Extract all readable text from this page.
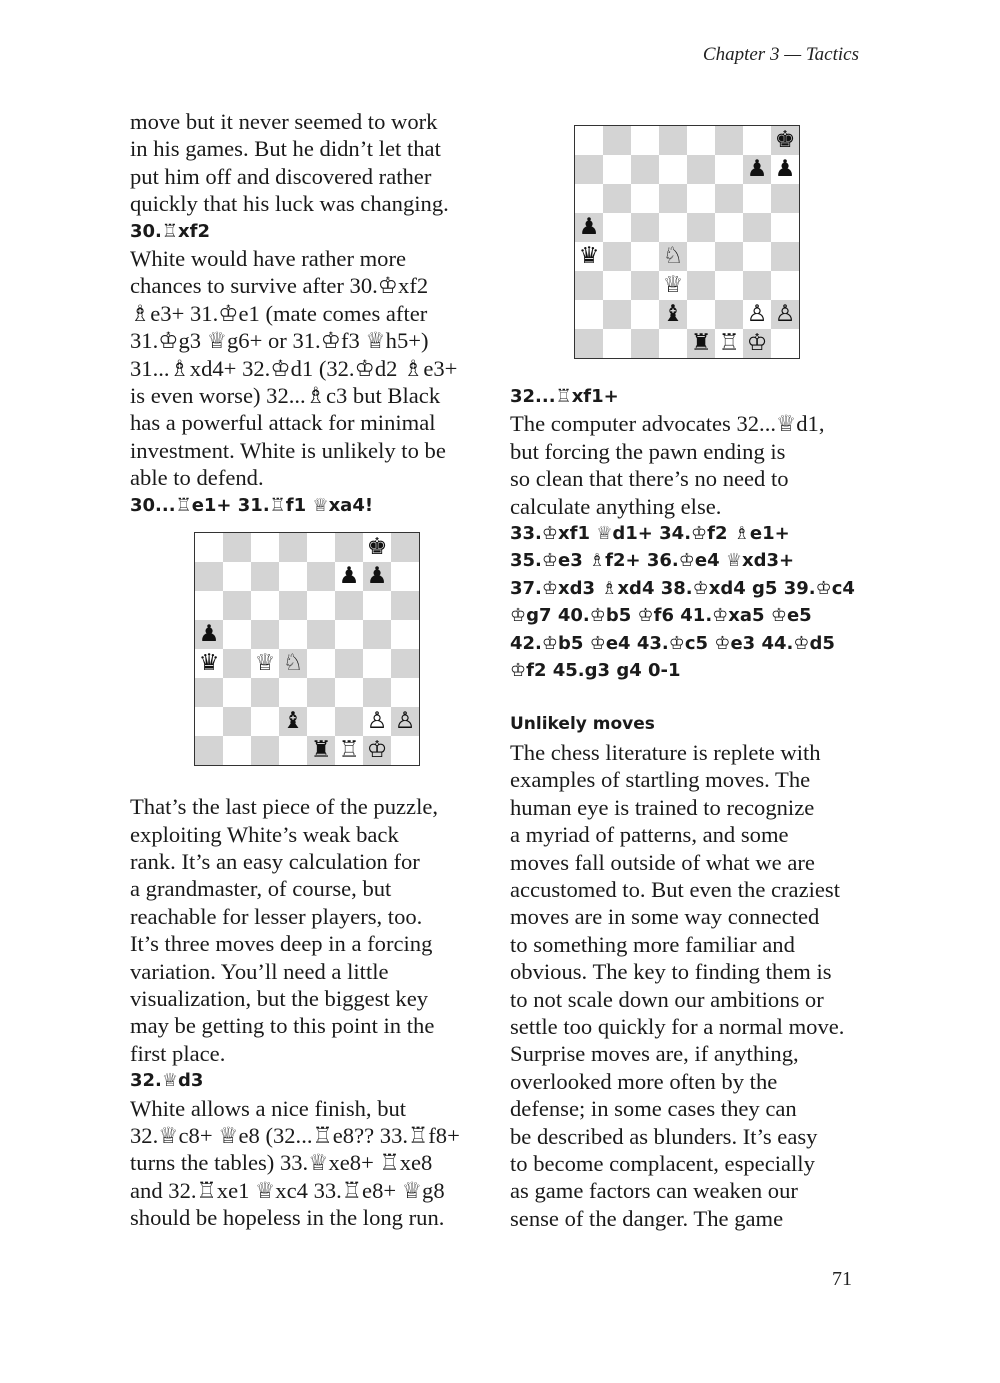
Chapter 3 — Tactics

move but it never seemed to work

in his games. But he didn’t let that

put him off and discovered rather

quickly that his luck was changing.

30.♖xf2

White would have rather more

chances to survive after 30.♔xf2

♗e3+ 31.♔e1 (mate comes after

31.♔g3 ♕g6+ or 31.♔f3 ♕h5+)

31...♗xd4+ 32.♔d1 (32.♔d2 ♗e3+

is even worse) 32...♗c3 but Black

has a powerful attack for minimal

investment. White is unlikely to be

able to defend.

30...♖e1+ 31.♖f1 ♕xa4!

♚
♟ ♟
♟
♛ ♕ ♘
♝	♙ ♙
♜ ♖ ♔

That’s the last piece of the puzzle,

exploiting White’s weak back

rank. It’s an easy calculation for

a grandmaster, of course, but

reachable for lesser players, too.

It’s three moves deep in a forcing

variation. You’ll need a little

visualization, but the biggest key

may be getting to this point in the

first place.

32.♕d3

White allows a nice finish, but

32.♕c8+ ♕e8 (32...♖e8?? 33.♖f8+

turns the tables) 33.♕xe8+ ♖xe8

and 32.♖xe1 ♕xc4 33.♖e8+ ♕g8

should be hopeless in the long run.

♚
♟ ♟
♟
♛	♘
♕
♝	♙ ♙
♜ ♖ ♔

32...♖xf1+

The computer advocates 32...♕d1,

but forcing the pawn ending is

so clean that there’s no need to

calculate anything else.

33.♔xf1 ♕d1+ 34.♔f2 ♗e1+

35.♔e3 ♗f2+ 36.♔e4 ♕xd3+

37.♔xd3 ♗xd4 38.♔xd4 g5 39.♔c4

♔g7 40.♔b5 ♔f6 41.♔xa5 ♔e5

42.♔b5 ♔e4 43.♔c5 ♔e3 44.♔d5

♔f2 45.g3 g4 0-1

Unlikely moves

The chess literature is replete with

examples of startling moves. The

human eye is trained to recognize

a myriad of patterns, and some

moves fall outside of what we are

accustomed to. But even the craziest

moves are in some way connected

to something more familiar and

obvious. The key to finding them is

to not scale down our ambitions or

settle too quickly for a normal move.

Surprise moves are, if anything,

overlooked more often by the

defense; in some cases they can

be described as blunders. It’s easy

to become complacent, especially

as game factors can weaken our

sense of the danger. The game

71
